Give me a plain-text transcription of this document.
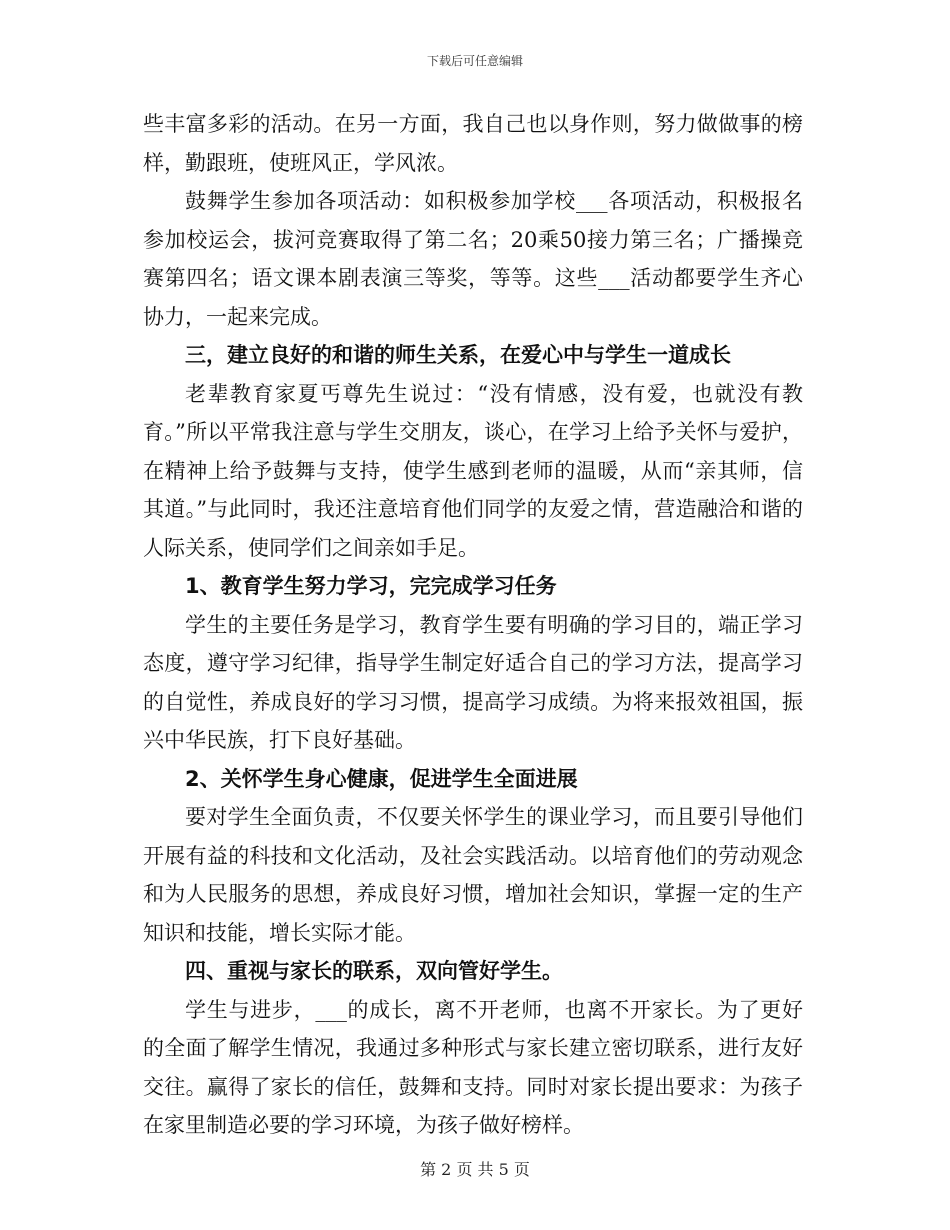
下载后可任意编辑

些丰富多彩的活动。在另一方面，我自己也以身作则，努力做做事的榜样，勤跟班，使班风正，学风浓。

鼓舞学生参加各项活动：如积极参加学校___各项活动，积极报名参加校运会，拔河竞赛取得了第二名；20乘50接力第三名；广播操竞赛第四名；语文课本剧表演三等奖，等等。这些___活动都要学生齐心协力，一起来完成。

三，建立良好的和谐的师生关系，在爱心中与学生一道成长

老辈教育家夏丐尊先生说过：“没有情感，没有爱，也就没有教育。”所以平常我注意与学生交朋友，谈心，在学习上给予关怀与爱护，在精神上给予鼓舞与支持，使学生感到老师的温暖，从而“亲其师，信其道。”与此同时，我还注意培育他们同学的友爱之情，营造融洽和谐的人际关系，使同学们之间亲如手足。

1、教育学生努力学习，完完成学习任务

学生的主要任务是学习，教育学生要有明确的学习目的，端正学习态度，遵守学习纪律，指导学生制定好适合自己的学习方法，提高学习的自觉性，养成良好的学习习惯，提高学习成绩。为将来报效祖国，振兴中华民族，打下良好基础。

2、关怀学生身心健康，促进学生全面进展

要对学生全面负责，不仅要关怀学生的课业学习，而且要引导他们开展有益的科技和文化活动，及社会实践活动。以培育他们的劳动观念和为人民服务的思想，养成良好习惯，增加社会知识，掌握一定的生产知识和技能，增长实际才能。

四、重视与家长的联系，双向管好学生。

学生与进步，___的成长，离不开老师，也离不开家长。为了更好的全面了解学生情况，我通过多种形式与家长建立密切联系，进行友好交往。赢得了家长的信任，鼓舞和支持。同时对家长提出要求：为孩子在家里制造必要的学习环境，为孩子做好榜样。

第 2 页 共 5 页
